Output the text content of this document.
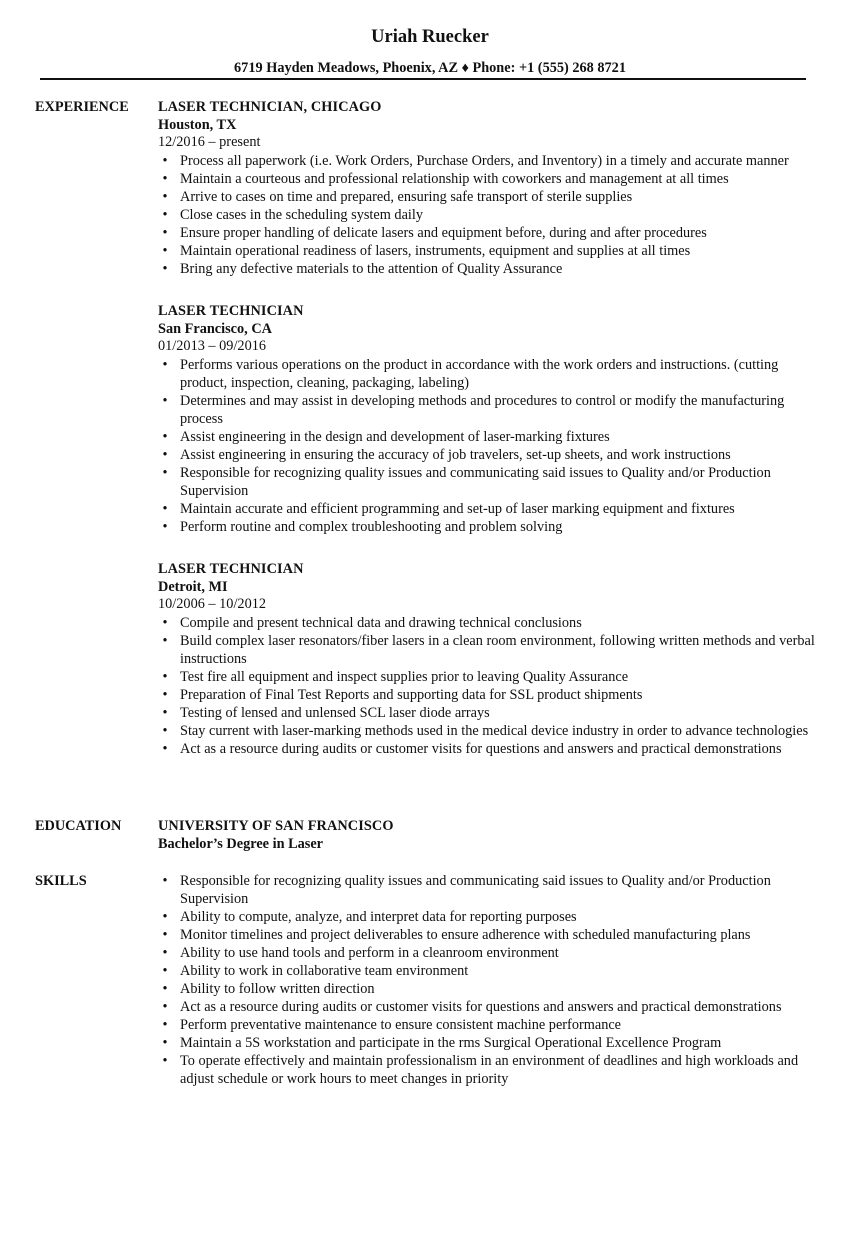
Uriah Ruecker
6719 Hayden Meadows, Phoenix, AZ ♦ Phone: +1 (555) 268 8721
EXPERIENCE LASER TECHNICIAN, CHICAGO
Houston, TX
12/2016 – present
• Process all paperwork (i.e. Work Orders, Purchase Orders, and Inventory) in a timely and accurate manner
• Maintain a courteous and professional relationship with coworkers and management at all times
• Arrive to cases on time and prepared, ensuring safe transport of sterile supplies
• Close cases in the scheduling system daily
• Ensure proper handling of delicate lasers and equipment before, during and after procedures
• Maintain operational readiness of lasers, instruments, equipment and supplies at all times
• Bring any defective materials to the attention of Quality Assurance
LASER TECHNICIAN
San Francisco, CA
01/2013 – 09/2016
• Performs various operations on the product in accordance with the work orders and instructions. (cutting product, inspection, cleaning, packaging, labeling)
• Determines and may assist in developing methods and procedures to control or modify the manufacturing process
• Assist engineering in the design and development of laser-marking fixtures
• Assist engineering in ensuring the accuracy of job travelers, set-up sheets, and work instructions
• Responsible for recognizing quality issues and communicating said issues to Quality and/or Production Supervision
• Maintain accurate and efficient programming and set-up of laser marking equipment and fixtures
• Perform routine and complex troubleshooting and problem solving
LASER TECHNICIAN
Detroit, MI
10/2006 – 10/2012
• Compile and present technical data and drawing technical conclusions
• Build complex laser resonators/fiber lasers in a clean room environment, following written methods and verbal instructions
• Test fire all equipment and inspect supplies prior to leaving Quality Assurance
• Preparation of Final Test Reports and supporting data for SSL product shipments
• Testing of lensed and unlensed SCL laser diode arrays
• Stay current with laser-marking methods used in the medical device industry in order to advance technologies
• Act as a resource during audits or customer visits for questions and answers and practical demonstrations
EDUCATION	UNIVERSITY OF SAN FRANCISCO
Bachelor’s Degree in Laser
SKILLS	• Responsible for recognizing quality issues and communicating said issues to Quality and/or Production Supervision
• Ability to compute, analyze, and interpret data for reporting purposes
• Monitor timelines and project deliverables to ensure adherence with scheduled manufacturing plans
• Ability to use hand tools and perform in a cleanroom environment
• Ability to work in collaborative team environment
• Ability to follow written direction
• Act as a resource during audits or customer visits for questions and answers and practical demonstrations
• Perform preventative maintenance to ensure consistent machine performance
• Maintain a 5S workstation and participate in the rms Surgical Operational Excellence Program
• To operate effectively and maintain professionalism in an environment of deadlines and high workloads and adjust schedule or work hours to meet changes in priority
